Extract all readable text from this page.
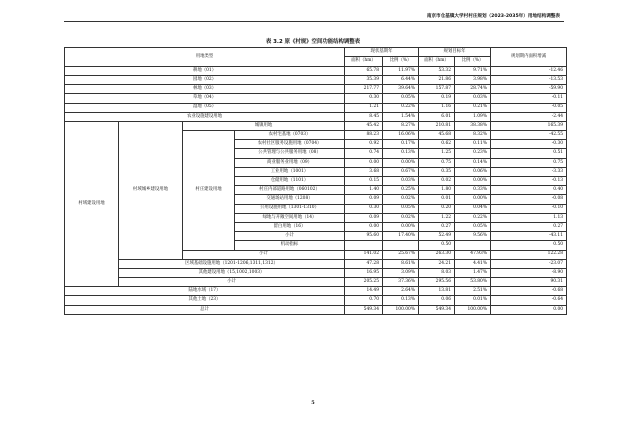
南京市仓基镇大学村村庄规划（2023-2035年）用地结构调整表
表 3.2 原《村规》空间功能结构调整表
用地类型				现状基期年		规划目标年		规划期内面积增减
				面积（hm）	比例（%）	面积（hm）	比例（%）	
耕地（01）				65.78	11.97%	53.32	9.71%	-12.46
园地（02）				35.39	6.44%	21.86	3.98%	-13.53
林地（03）				217.77	39.64%	157.87	28.74%	-59.90
草地（04）				0.30	0.05%	0.19	0.03%	-0.11
湿地（05）				1.21	0.22%	1.16	0.21%	-0.05
农业设施建设用地				8.45	1.54%	6.01	1.09%	-2.44
村域建设用地	村域城乡建设用地	城镇用地		45.42	8.27%	210.81	38.38%	165.39
		村庄建设用地	农村宅基地（0703）	88.23	16.06%	45.68	8.32%	-42.55
			农村社区服务设施用地（0704）	0.92	0.17%	0.62	0.11%	-0.30
			公共管理与公共服务用地（08）	0.74	0.13%	1.25	0.23%	0.51
			商业服务业用地（09）	0.00	0.00%	0.75	0.14%	0.75
			工业用地（1001）	3.68	0.67%	0.35	0.06%	-3.33
			仓储用地（1101）	0.15	0.03%	0.02	0.00%	-0.13
			村庄内部道路用地（060102）	1.40	0.25%	1.80	0.33%	0.40
			交通场站用地（1208）	0.09	0.02%	0.01	0.00%	-0.08
			公用设施用地（1301-1310）	0.30	0.05%	0.20	0.04%	-0.10
			绿地与开敞空间用地（14）	0.09	0.02%	1.22	0.22%	1.13
			留白用地（16）	0.00	0.00%	0.27	0.05%	0.27
			小计	95.60	17.40%	52.49	9.56%	-43.11
			机动指标			0.50		0.50
		小计		141.02	25.67%	263.30	47.93%	122.28
	区域基础设施用地（1201-1206,1311,1312）			47.28	8.61%	24.21	4.41%	-23.07
	其他建设用地（15,1002,1003）			16.95	3.09%	8.03	1.47%	-8.90
	小计			205.25	37.36%	295.56	53.80%	90.31
陆地水域（17）				14.49	2.64%	13.81	2.51%	-0.68
其他土地（23）				0.70	0.13%	0.06	0.01%	-0.64
总计				549.34	100.00%	549.34	100.00%	0.00
5
